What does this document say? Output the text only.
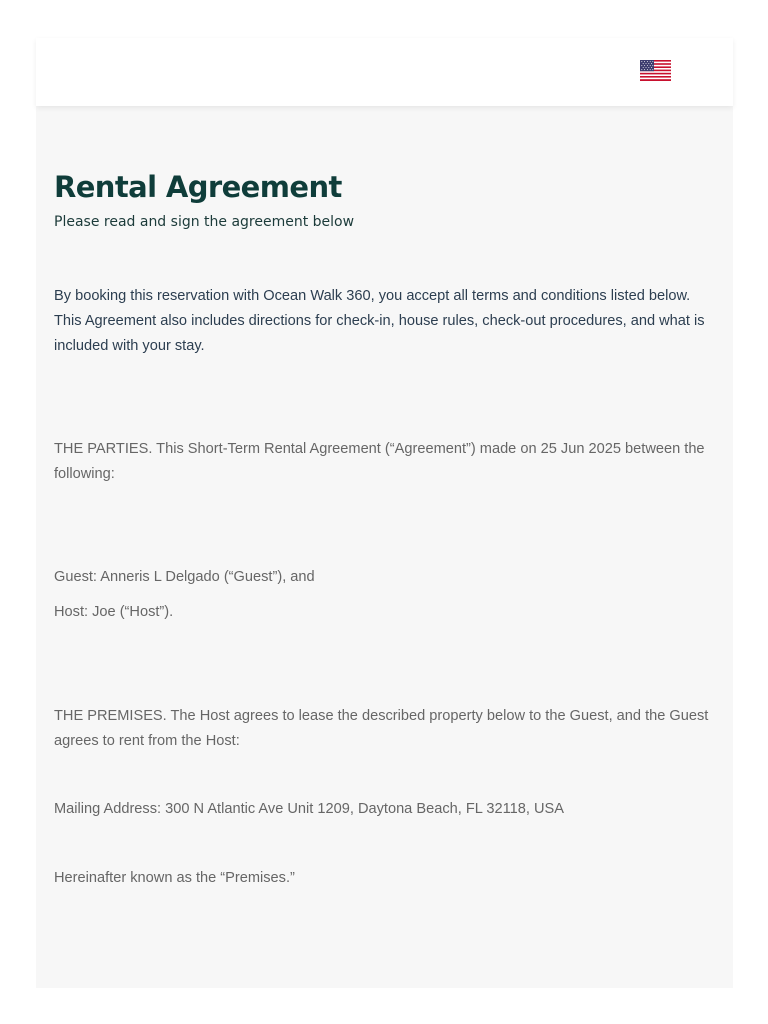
Rental Agreement

Please read and sign the agreement below

By booking this reservation with Ocean Walk 360, you accept all terms and conditions listed below. This Agreement also includes directions for check-in, house rules, check-out procedures, and what is included with your stay.

THE PARTIES. This Short-Term Rental Agreement (“Agreement”) made on 25 Jun 2025 between the following:

Guest: Anneris L Delgado (“Guest”), and

Host: Joe (“Host”).

THE PREMISES. The Host agrees to lease the described property below to the Guest, and the Guest agrees to rent from the Host:

Mailing Address: 300 N Atlantic Ave Unit 1209, Daytona Beach, FL 32118, USA

Hereinafter known as the “Premises.”
